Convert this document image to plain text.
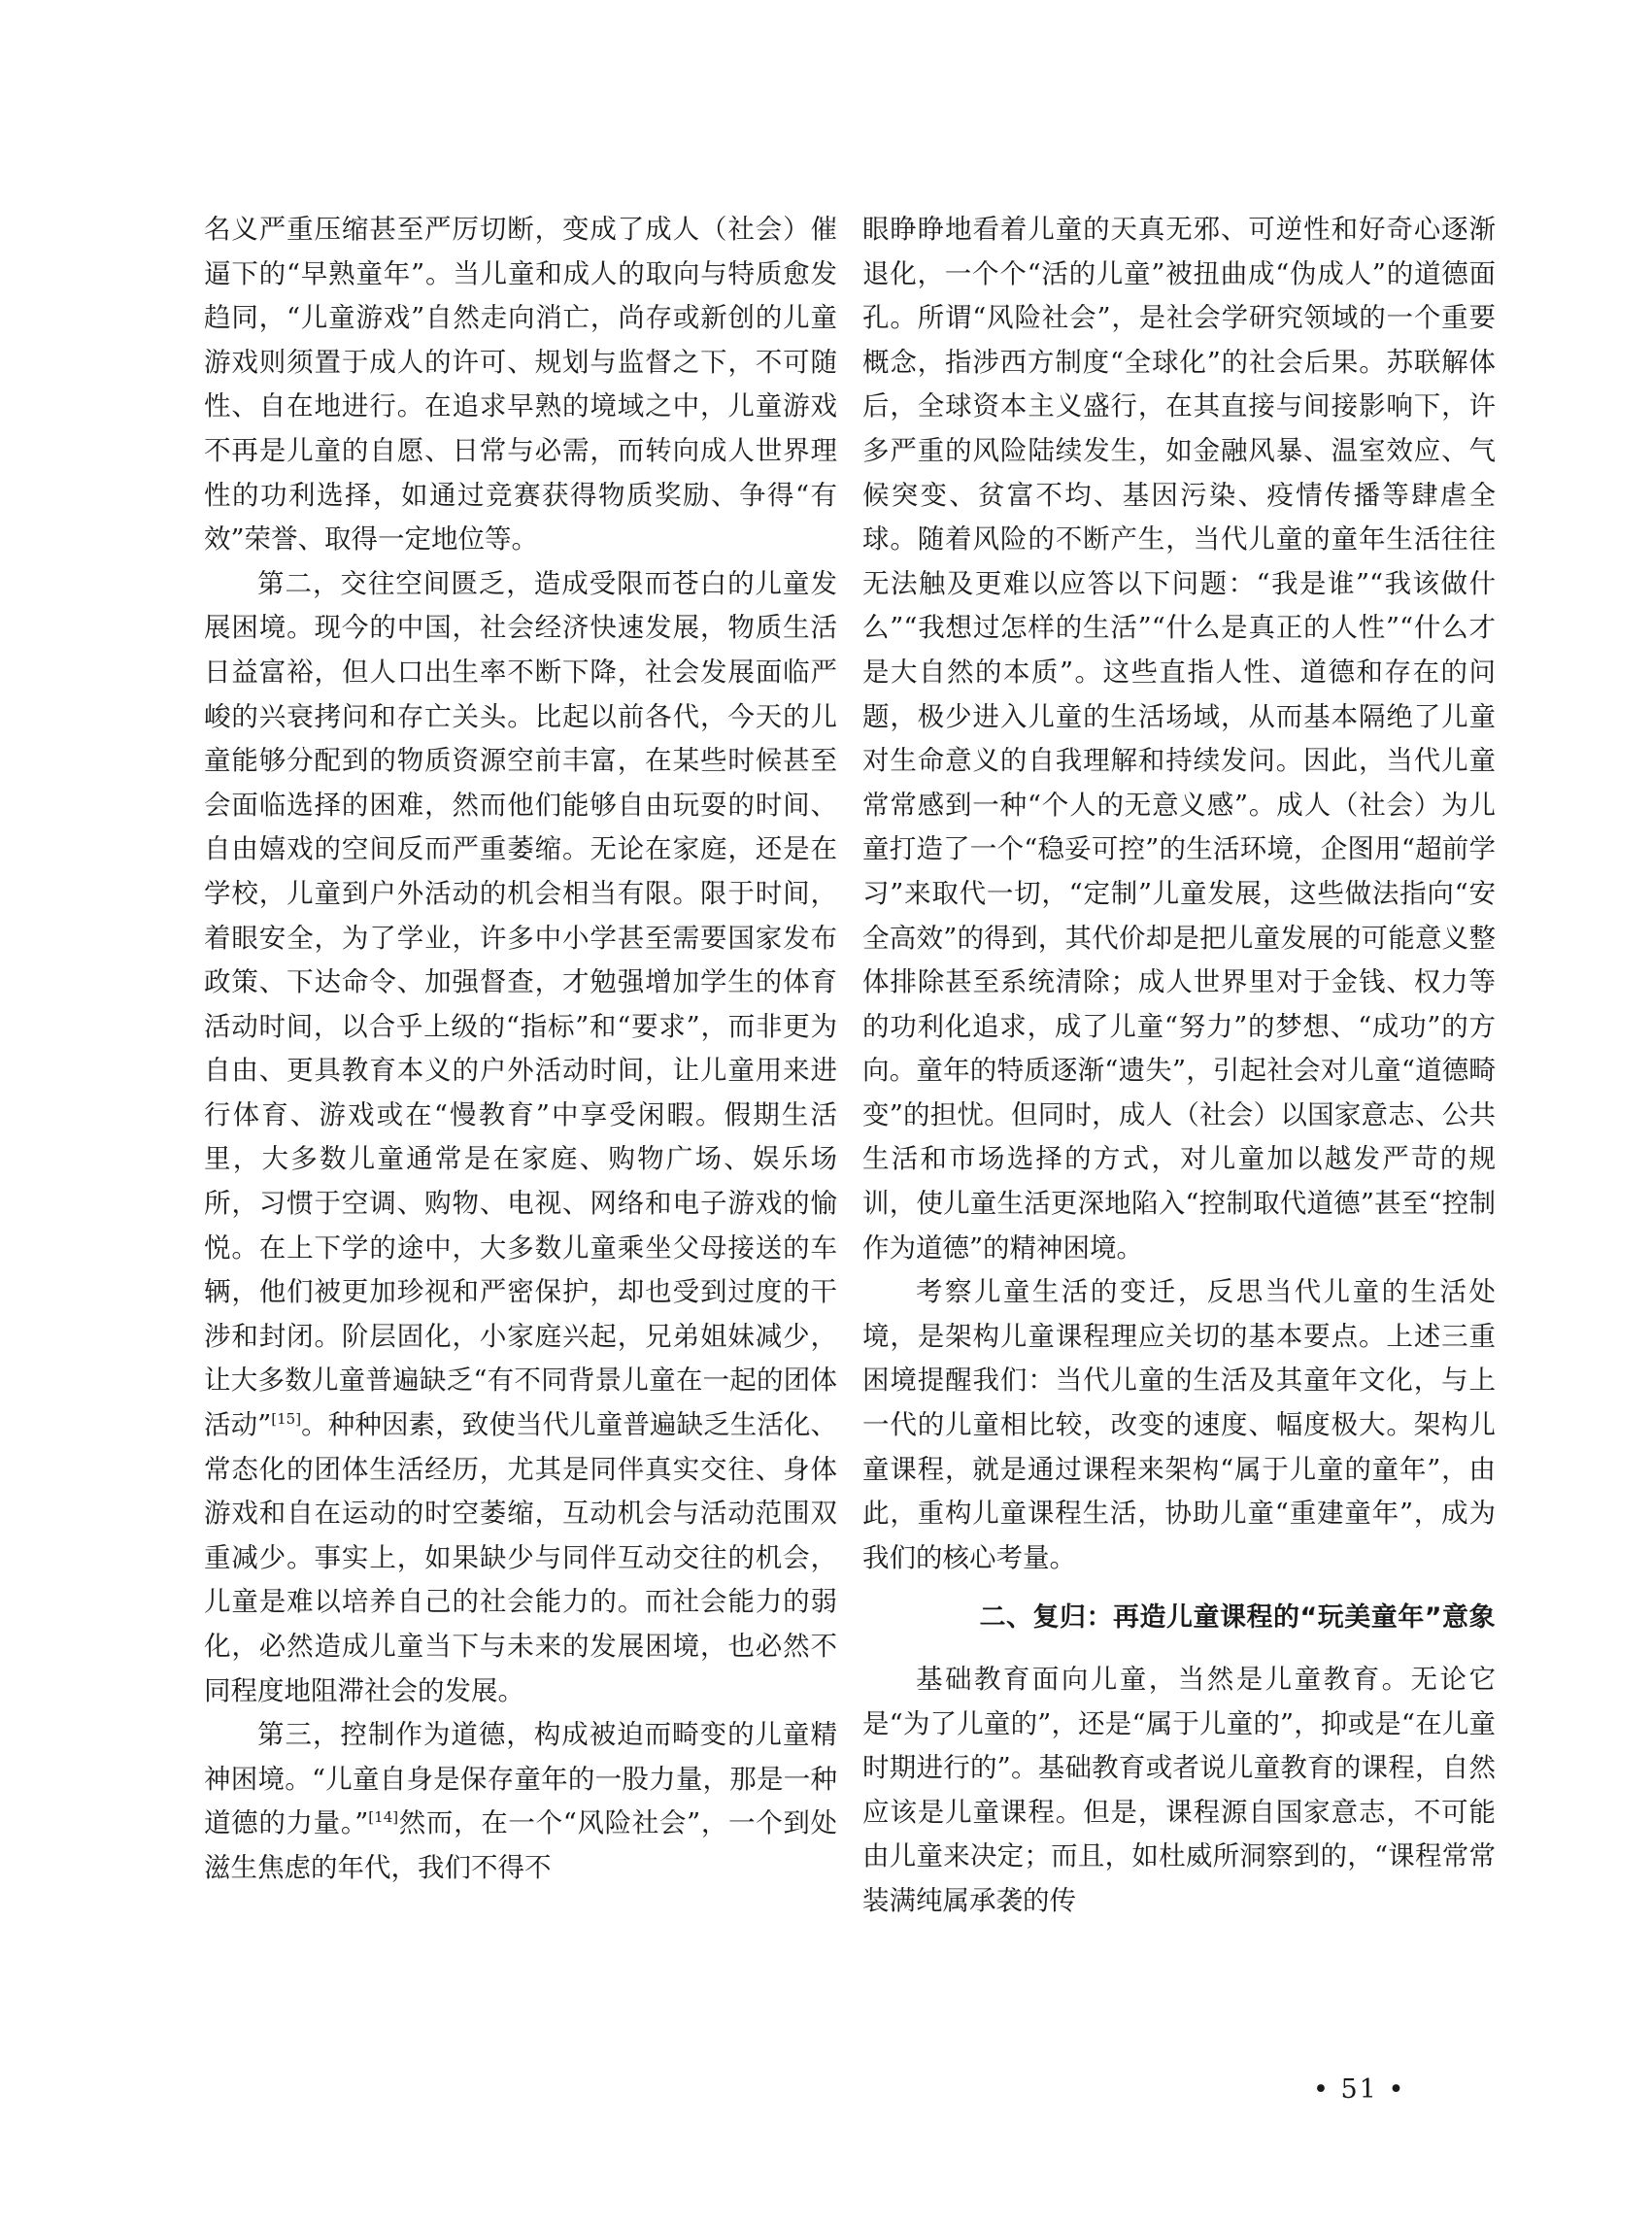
名义严重压缩甚至严厉切断，变成了成人（社会）催逼下的“早熟童年”。当儿童和成人的取向与特质愈发趋同，“儿童游戏”自然走向消亡，尚存或新创的儿童游戏则须置于成人的许可、规划与监督之下，不可随性、自在地进行。在追求早熟的境域之中，儿童游戏不再是儿童的自愿、日常与必需，而转向成人世界理性的功利选择，如通过竞赛获得物质奖励、争得“有效”荣誉、取得一定地位等。

第二，交往空间匮乏，造成受限而苍白的儿童发展困境。现今的中国，社会经济快速发展，物质生活日益富裕，但人口出生率不断下降，社会发展面临严峻的兴衰拷问和存亡关头。比起以前各代，今天的儿童能够分配到的物质资源空前丰富，在某些时候甚至会面临选择的困难，然而他们能够自由玩耍的时间、自由嬉戏的空间反而严重萎缩。无论在家庭，还是在学校，儿童到户外活动的机会相当有限。限于时间，着眼安全，为了学业，许多中小学甚至需要国家发布政策、下达命令、加强督查，才勉强增加学生的体育活动时间，以合乎上级的“指标”和“要求”，而非更为自由、更具教育本义的户外活动时间，让儿童用来进行体育、游戏或在“慢教育”中享受闲暇。假期生活里，大多数儿童通常是在家庭、购物广场、娱乐场所，习惯于空调、购物、电视、网络和电子游戏的愉悦。在上下学的途中，大多数儿童乘坐父母接送的车辆，他们被更加珍视和严密保护，却也受到过度的干涉和封闭。阶层固化，小家庭兴起，兄弟姐妹减少，让大多数儿童普遍缺乏“有不同背景儿童在一起的团体活动”[15]。种种因素，致使当代儿童普遍缺乏生活化、常态化的团体生活经历，尤其是同伴真实交往、身体游戏和自在运动的时空萎缩，互动机会与活动范围双重减少。事实上，如果缺少与同伴互动交往的机会，儿童是难以培养自己的社会能力的。而社会能力的弱化，必然造成儿童当下与未来的发展困境，也必然不同程度地阻滞社会的发展。

第三，控制作为道德，构成被迫而畸变的儿童精神困境。“儿童自身是保存童年的一股力量，那是一种道德的力量。”[14]然而，在一个“风险社会”，一个到处滋生焦虑的年代，我们不得不

眼睁睁地看着儿童的天真无邪、可逆性和好奇心逐渐退化，一个个“活的儿童”被扭曲成“伪成人”的道德面孔。所谓“风险社会”，是社会学研究领域的一个重要概念，指涉西方制度“全球化”的社会后果。苏联解体后，全球资本主义盛行，在其直接与间接影响下，许多严重的风险陆续发生，如金融风暴、温室效应、气候突变、贫富不均、基因污染、疫情传播等肆虐全球。随着风险的不断产生，当代儿童的童年生活往往无法触及更难以应答以下问题：“我是谁”“我该做什么”“我想过怎样的生活”“什么是真正的人性”“什么才是大自然的本质”。这些直指人性、道德和存在的问题，极少进入儿童的生活场域，从而基本隔绝了儿童对生命意义的自我理解和持续发问。因此，当代儿童常常感到一种“个人的无意义感”。成人（社会）为儿童打造了一个“稳妥可控”的生活环境，企图用“超前学习”来取代一切，“定制”儿童发展，这些做法指向“安全高效”的得到，其代价却是把儿童发展的可能意义整体排除甚至系统清除；成人世界里对于金钱、权力等的功利化追求，成了儿童“努力”的梦想、“成功”的方向。童年的特质逐渐“遗失”，引起社会对儿童“道德畸变”的担忧。但同时，成人（社会）以国家意志、公共生活和市场选择的方式，对儿童加以越发严苛的规训，使儿童生活更深地陷入“控制取代道德”甚至“控制作为道德”的精神困境。

考察儿童生活的变迁，反思当代儿童的生活处境，是架构儿童课程理应关切的基本要点。上述三重困境提醒我们：当代儿童的生活及其童年文化，与上一代的儿童相比较，改变的速度、幅度极大。架构儿童课程，就是通过课程来架构“属于儿童的童年”，由此，重构儿童课程生活，协助儿童“重建童年”，成为我们的核心考量。

二、复归：再造儿童课程的“玩美童年”意象

基础教育面向儿童，当然是儿童教育。无论它是“为了儿童的”，还是“属于儿童的”，抑或是“在儿童时期进行的”。基础教育或者说儿童教育的课程，自然应该是儿童课程。但是，课程源自国家意志，不可能由儿童来决定；而且，如杜威所洞察到的，“课程常常装满纯属承袭的传

• 51 •
